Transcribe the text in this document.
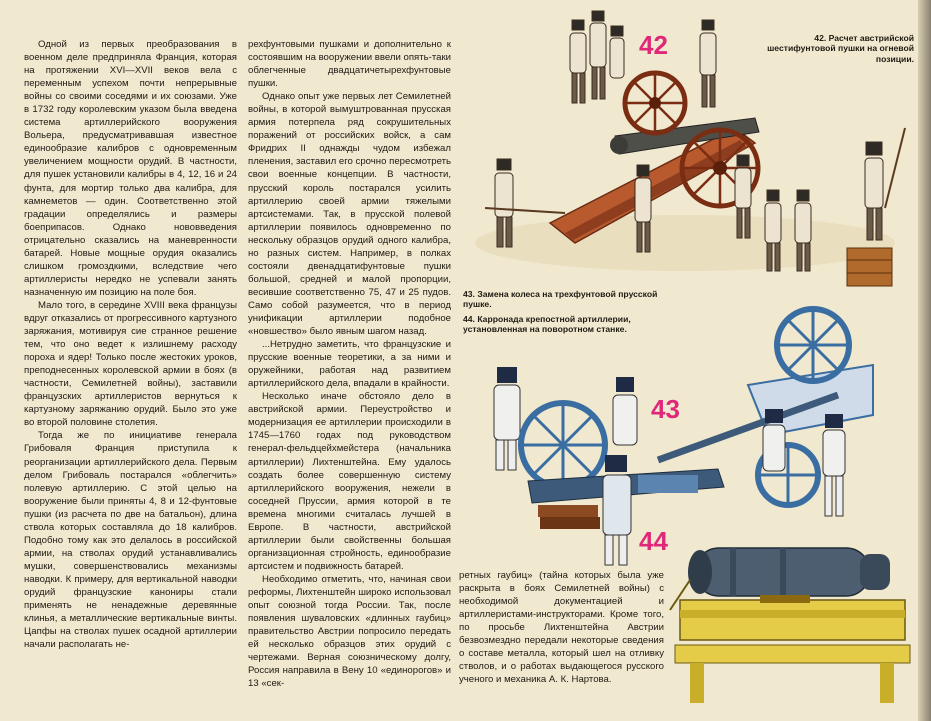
Одной из первых преобразования в военном деле предприняла Франция, которая на протяжении XVI—XVII веков вела с переменным успехом почти непрерывные войны со своими соседями и их союзами. Уже в 1732 году королевским указом была введена система артиллерийского вооружения Вольера, предусматривавшая известное единообразие калибров с одновременным увеличением мощности орудий. В частности, для пушек установили калибры в 4, 12, 16 и 24 фунта, для мортир только два калибра, для камнеметов — один. Соответственно этой градации определялись и размеры боеприпасов. Однако нововведения отрицательно сказались на маневренности батарей. Новые мощные орудия оказались слишком громоздкими, вследствие чего артиллеристы нередко не успевали занять назначенную им позицию на поле боя.

Мало того, в середине XVIII века французы вдруг отказались от прогрессивного картузного заряжания, мотивируя сие странное решение тем, что оно ведет к излишнему расходу пороха и ядер! Только после жестоких уроков, преподнесенных королевской армии в боях (в частности, Семилетней войны), заставили французских артиллеристов вернуться к картузному заряжанию орудий. Было это уже во второй половине столетия.

Тогда же по инициативе генерала Грибоваля Франция приступила к реорганизации артиллерийского дела. Первым делом Грибоваль постарался «облегчить» полевую артиллерию. С этой целью на вооружение были приняты 4, 8 и 12-фунтовые пушки (из расчета по две на батальон), длина ствола которых составляла до 18 калибров. Подобно тому как это делалось в российской армии, на стволах орудий устанавливались мушки, совершенствовались механизмы наводки. К примеру, для вертикальной наводки орудий французские канониры стали применять не ненадежные деревянные клинья, а металлические вертикальные винты. Цапфы на стволах пушек осадной артиллерии начали располагать не-

рехфунтовыми пушками и дополнительно к состоявшим на вооружении ввели опять-таки облегченные двадцатичетырехфунтовые пушки.

Однако опыт уже первых лет Семилетней войны, в которой вымуштрованная прусская армия потерпела ряд сокрушительных поражений от российских войск, а сам Фридрих II однажды чудом избежал пленения, заставил его срочно пересмотреть свои военные концепции. В частности, прусский король постарался усилить артиллерию своей армии тяжелыми артсистемами. Так, в прусской полевой артиллерии появилось одновременно по нескольку образцов орудий одного калибра, но разных систем. Например, в полках состояли двенадцатифунтовые пушки большой, средней и малой пропорции, весившие соответственно 75, 47 и 25 пудов. Само собой разумеется, что в период унификации артиллерии подобное «новшество» было явным шагом назад.

...Нетрудно заметить, что французские и прусские военные теоретики, а за ними и оружейники, работая над развитием артиллерийского дела, впадали в крайности.

Несколько иначе обстояло дело в австрийской армии. Переустройство и модернизация ее артиллерии происходили в 1745—1760 годах под руководством генерал-фельдцейхмейстера (начальника артиллерии) Лихтенштейна. Ему удалось создать более совершенную систему артиллерийского вооружения, нежели в соседней Пруссии, армия которой в те времена многими считалась лучшей в Европе. В частности, австрийской артиллерии были свойственны большая организационная стройность, единообразие артсистем и подвижность батарей.

Необходимо отметить, что, начиная свои реформы, Лихтенштейн широко использовал опыт союзной тогда России. Так, после появления шуваловских «длинных гаубиц» правительство Австрии попросило передать ей несколько образцов этих орудий с чертежами. Верная союзническому долгу, Россия направила в Вену 10 «единорогов» и 13 «сек-

ретных гаубиц» (тайна которых была уже раскрыта в боях Семилетней войны) с необходимой документацией и артиллеристами-инструкторами. Кроме того, по просьбе Лихтенштейна Австрии безвозмездно передали некоторые сведения о составе металла, который шел на отливку стволов, и о работах выдающегося русского ученого и механика А. К. Нартова.

42
43
44
42. Расчет австрийской шестифунтовой пушки на огневой позиции.
43. Замена колеса на трехфунтовой прусской пушке.
44. Карронада крепостной артиллерии, установленная на поворотном станке.
